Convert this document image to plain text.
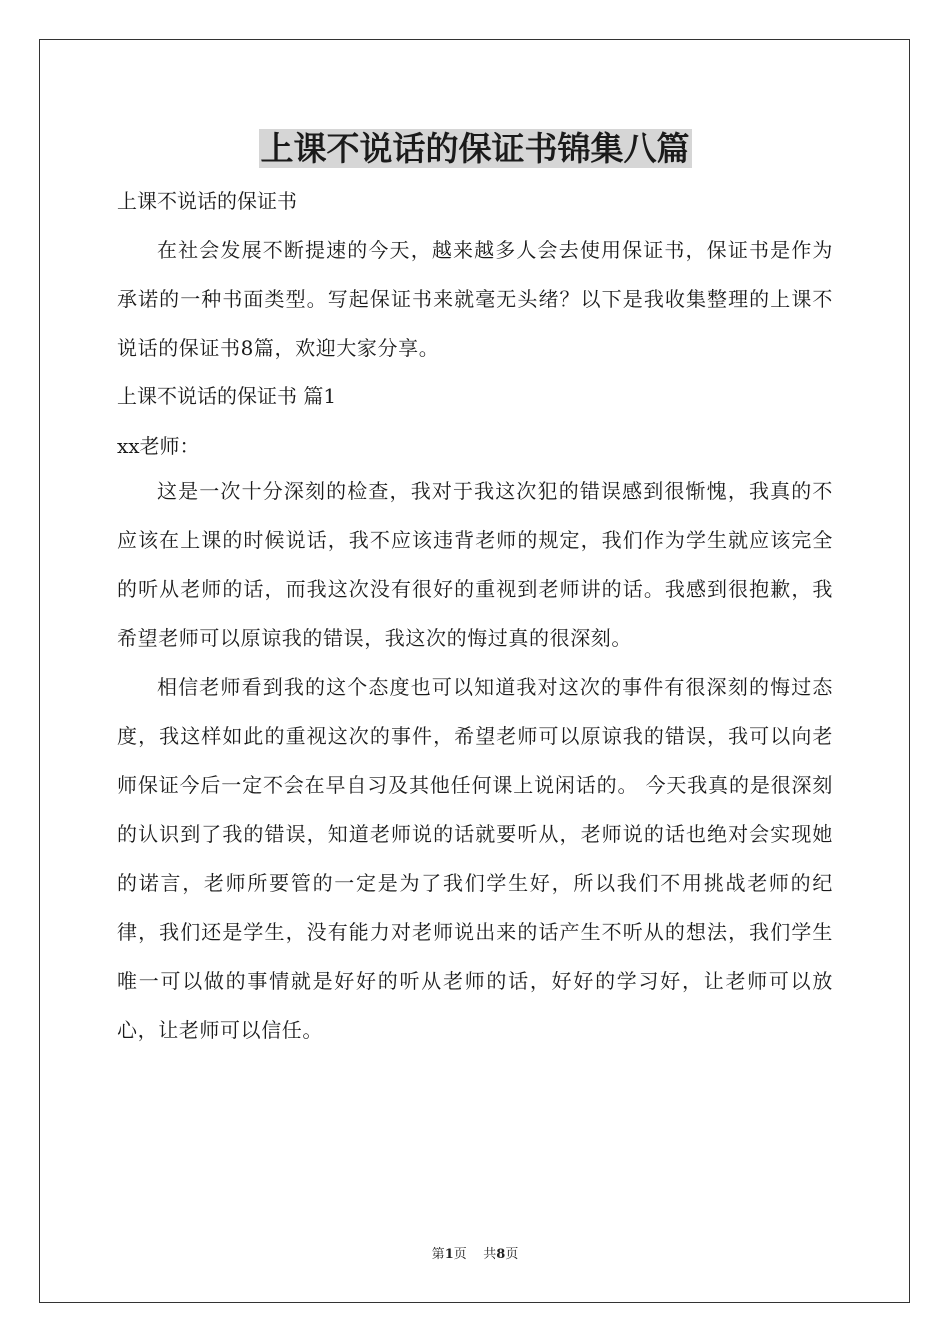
上课不说话的保证书锦集八篇

上课不说话的保证书

在社会发展不断提速的今天，越来越多人会去使用保证书，保证书是作为承诺的一种书面类型。写起保证书来就毫无头绪？以下是我收集整理的上课不说话的保证书8篇，欢迎大家分享。

上课不说话的保证书 篇1

xx老师：

这是一次十分深刻的检查，我对于我这次犯的错误感到很惭愧，我真的不应该在上课的时候说话，我不应该违背老师的规定，我们作为学生就应该完全的听从老师的话，而我这次没有很好的重视到老师讲的话。我感到很抱歉，我希望老师可以原谅我的错误，我这次的悔过真的很深刻。

相信老师看到我的这个态度也可以知道我对这次的事件有很深刻的悔过态度，我这样如此的重视这次的事件，希望老师可以原谅我的错误，我可以向老师保证今后一定不会在早自习及其他任何课上说闲话的。 今天我真的是很深刻的认识到了我的错误，知道老师说的话就要听从，老师说的话也绝对会实现她的诺言，老师所要管的一定是为了我们学生好，所以我们不用挑战老师的纪律，我们还是学生，没有能力对老师说出来的话产生不听从的想法，我们学生唯一可以做的事情就是好好的听从老师的话，好好的学习好，让老师可以放心，让老师可以信任。

第1页    共8页
